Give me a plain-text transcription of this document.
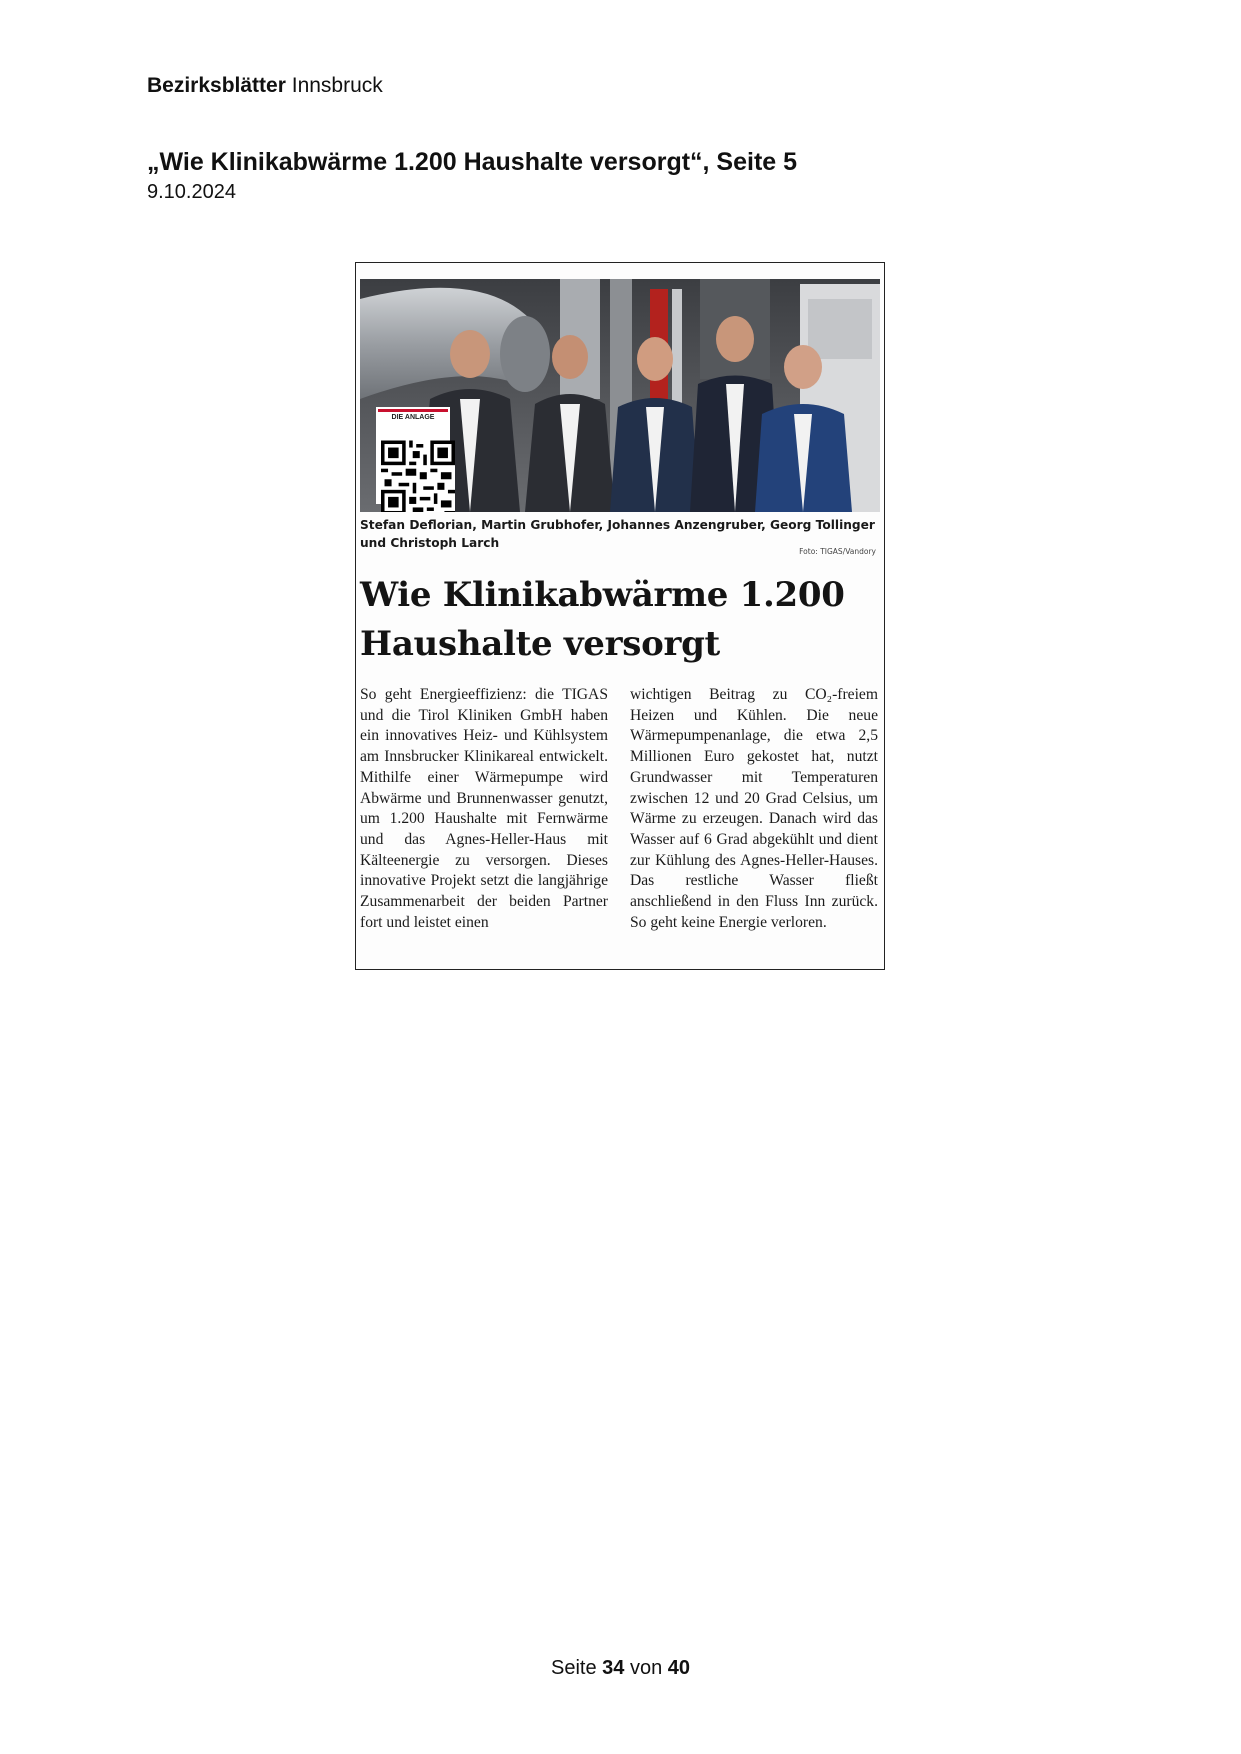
Bezirksblätter Innsbruck
„Wie Klinikabwärme 1.200 Haushalte versorgt“, Seite 5
9.10.2024
DIE ANLAGE
Stefan Deflorian, Martin Grubhofer, Johannes Anzengruber, Georg Tollinger und Christoph Larch
Foto: TIGAS/Vandory
Wie Klinikabwärme 1.200 Haushalte versorgt
So geht Energieeffizienz: die TIGAS und die Tirol Kliniken GmbH haben ein innovatives Heiz- und Kühlsystem am Innsbrucker Klinikareal entwickelt. Mithilfe einer Wärmepumpe wird Abwärme und Brunnenwasser genutzt, um 1.200 Haushalte mit Fernwärme und das Agnes-Heller-Haus mit Kälteenergie zu versorgen. Dieses innovative Projekt setzt die langjährige Zusammenarbeit der beiden Partner fort und leistet einen
wichtigen Beitrag zu CO₂-freiem Heizen und Kühlen. Die neue Wärmepumpenanlage, die etwa 2,5 Millionen Euro gekostet hat, nutzt Grundwasser mit Temperaturen zwischen 12 und 20 Grad Celsius, um Wärme zu erzeugen. Danach wird das Wasser auf 6 Grad abgekühlt und dient zur Kühlung des Agnes-Heller-Hauses. Das restliche Wasser fließt anschließend in den Fluss Inn zurück. So geht keine Energie verloren.
Seite 34 von 40
